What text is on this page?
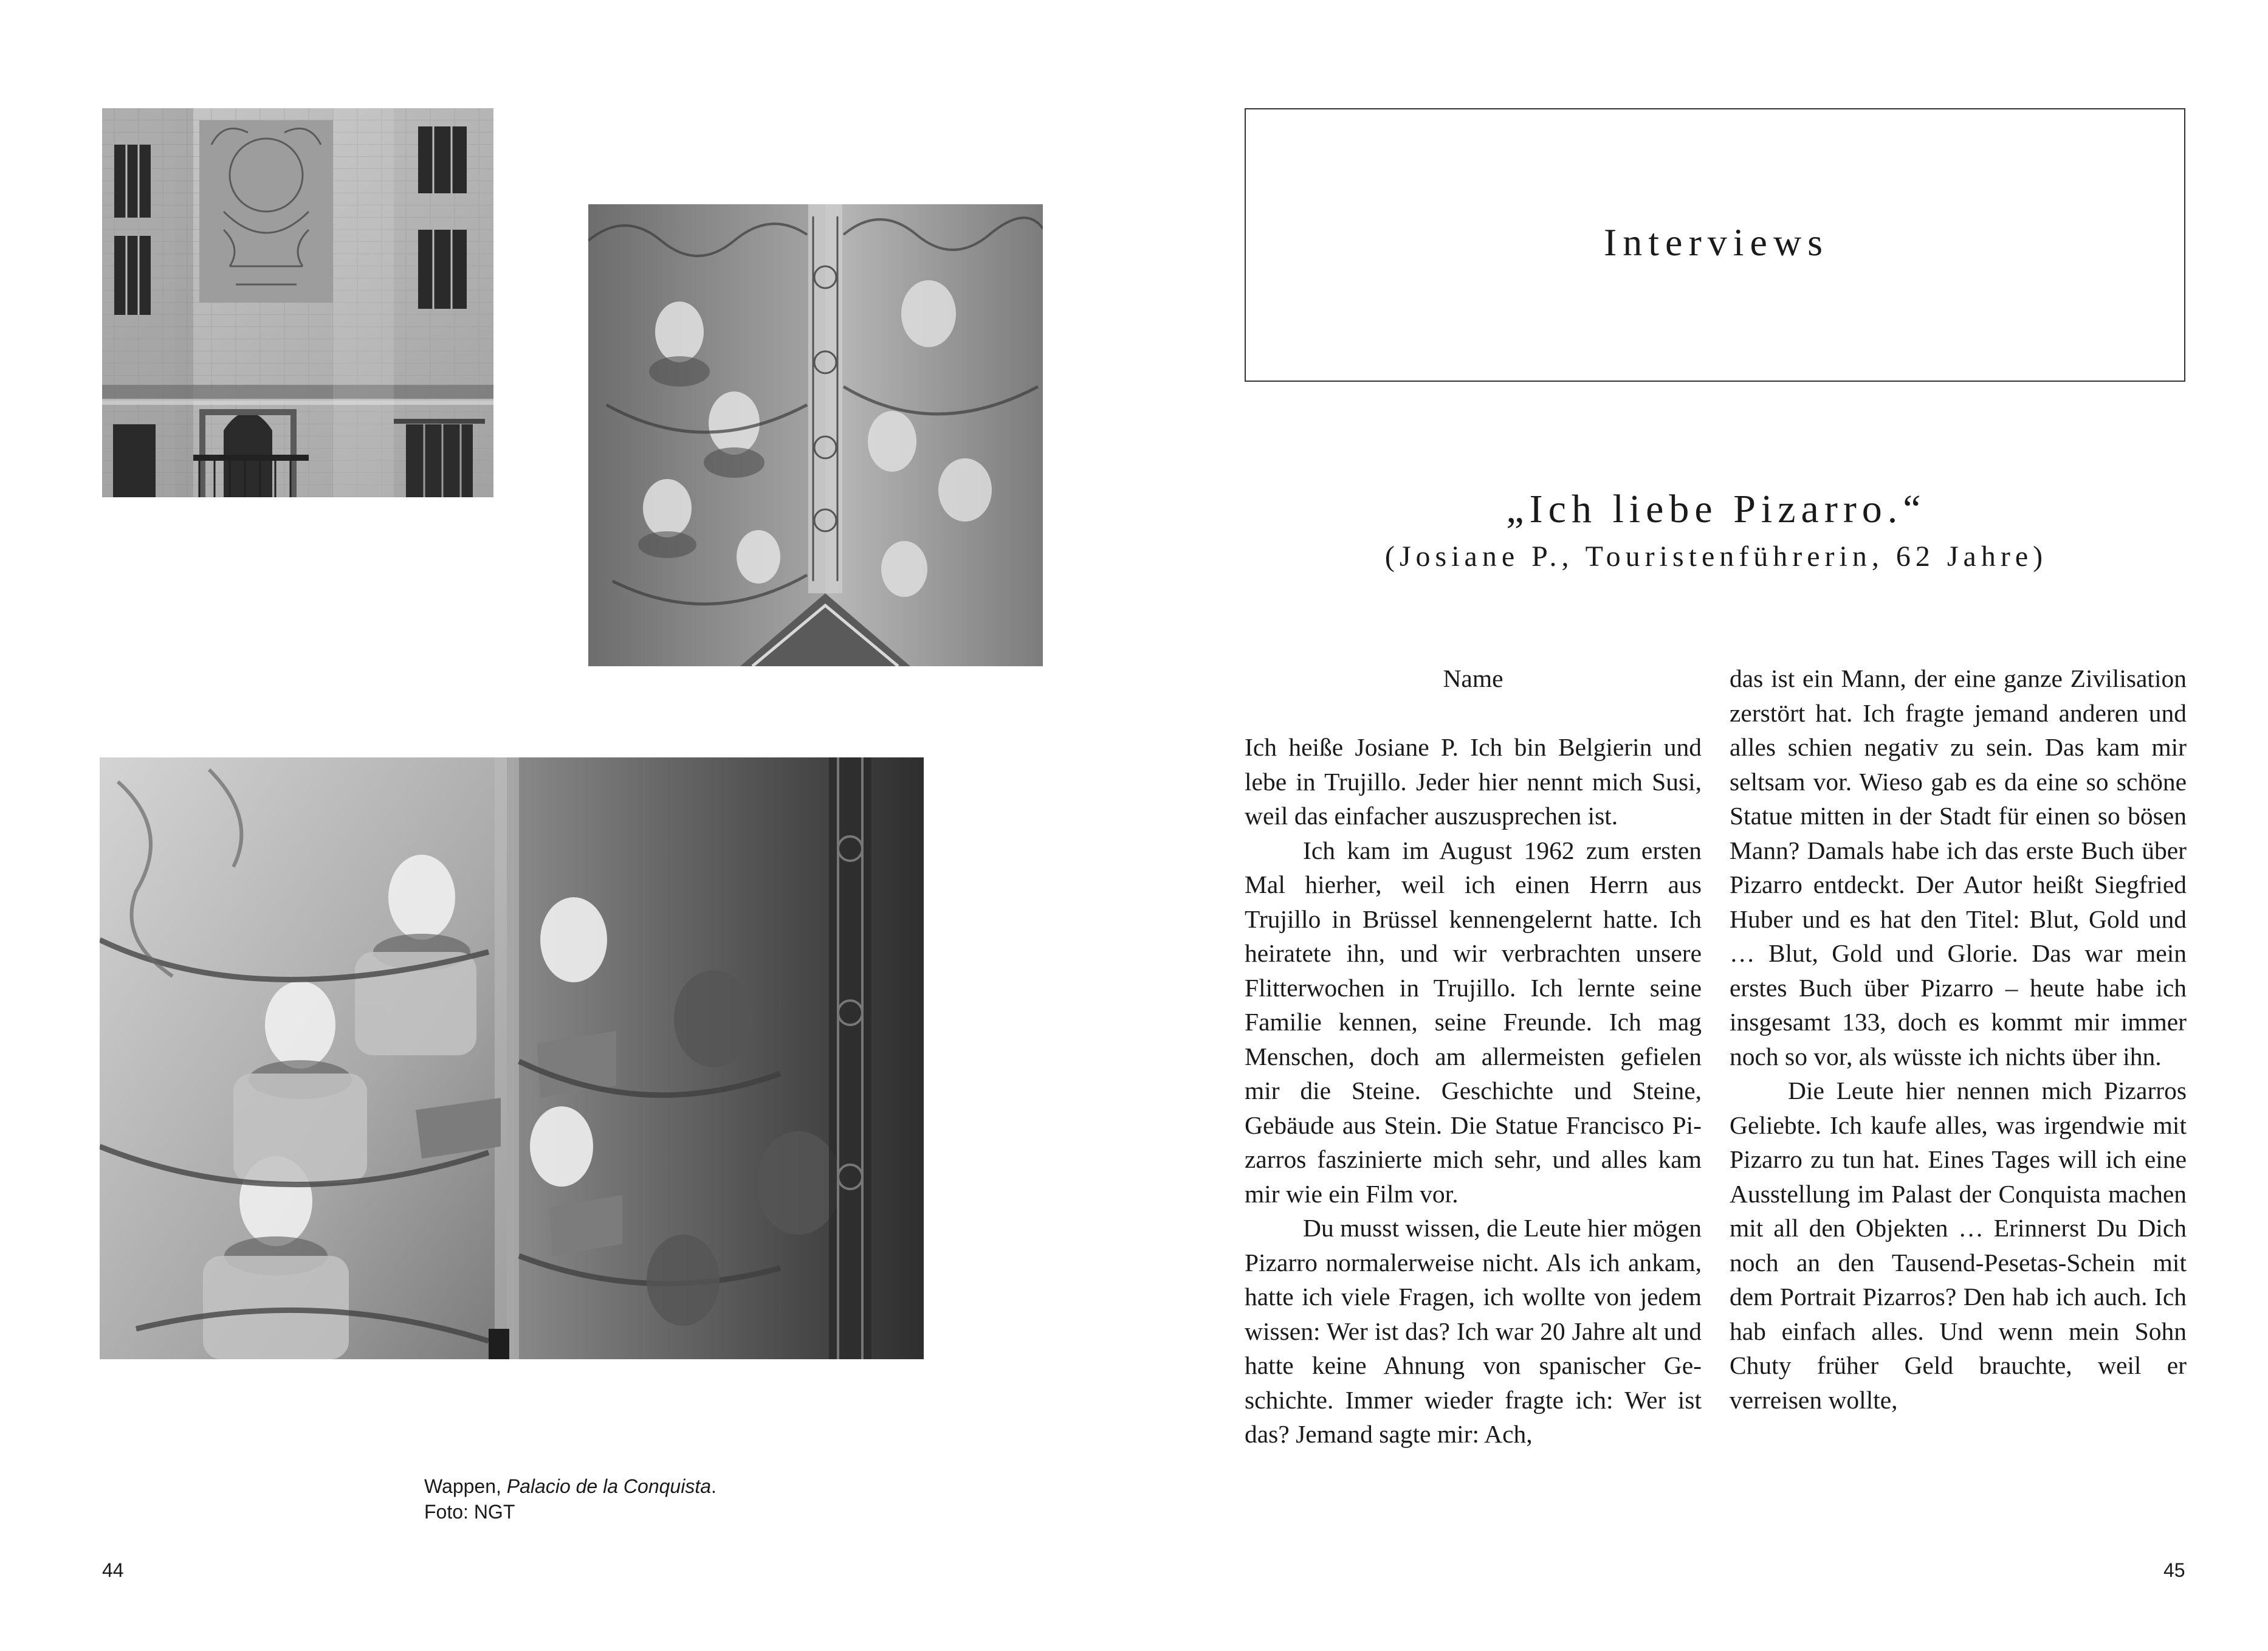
Wappen, Palacio de la Conquista.
Foto: NGT
44
Interviews
„Ich liebe Pizarro.“
(Josiane P., Touristenführerin, 62 Jahre)
Name

Ich heiße Josiane P. Ich bin Belgierin und lebe in Trujillo. Jeder hier nennt mich Susi, weil das einfacher auszusprechen ist.

Ich kam im August 1962 zum ersten Mal hierher, weil ich einen Herrn aus Trujillo in Brüssel kennengelernt hatte. Ich heiratete ihn, und wir verbrachten unsere Flitterwochen in Trujillo. Ich lernte seine Familie kennen, seine Freunde. Ich mag Menschen, doch am allermeisten gefielen mir die Steine. Geschichte und Steine, Gebäude aus Stein. Die Statue Francisco Pizarros faszinierte mich sehr, und alles kam mir wie ein Film vor.

Du musst wissen, die Leute hier mögen Pizarro normalerweise nicht. Als ich ankam, hatte ich viele Fragen, ich wollte von jedem wissen: Wer ist das? Ich war 20 Jahre alt und hatte keine Ahnung von spanischer Geschichte. Immer wieder fragte ich: Wer ist das? Jemand sagte mir: Ach,

das ist ein Mann, der eine ganze Zivilisation zerstört hat. Ich fragte jemand anderen und alles schien negativ zu sein. Das kam mir seltsam vor. Wieso gab es da eine so schöne Statue mitten in der Stadt für einen so bösen Mann? Damals habe ich das erste Buch über Pizarro entdeckt. Der Autor heißt Siegfried Huber und es hat den Titel: Blut, Gold und … Blut, Gold und Glorie. Das war mein erstes Buch über Pizarro – heute habe ich insgesamt 133, doch es kommt mir immer noch so vor, als wüsste ich nichts über ihn.

Die Leute hier nennen mich Pizarros Geliebte. Ich kaufe alles, was irgendwie mit Pizarro zu tun hat. Eines Tages will ich eine Ausstellung im Palast der Conquista machen mit all den Objekten … Erinnerst Du Dich noch an den Tausend-Pesetas-Schein mit dem Portrait Pizarros? Den hab ich auch. Ich hab einfach alles. Und wenn mein Sohn Chuty früher Geld brauchte, weil er verreisen wollte,

45
